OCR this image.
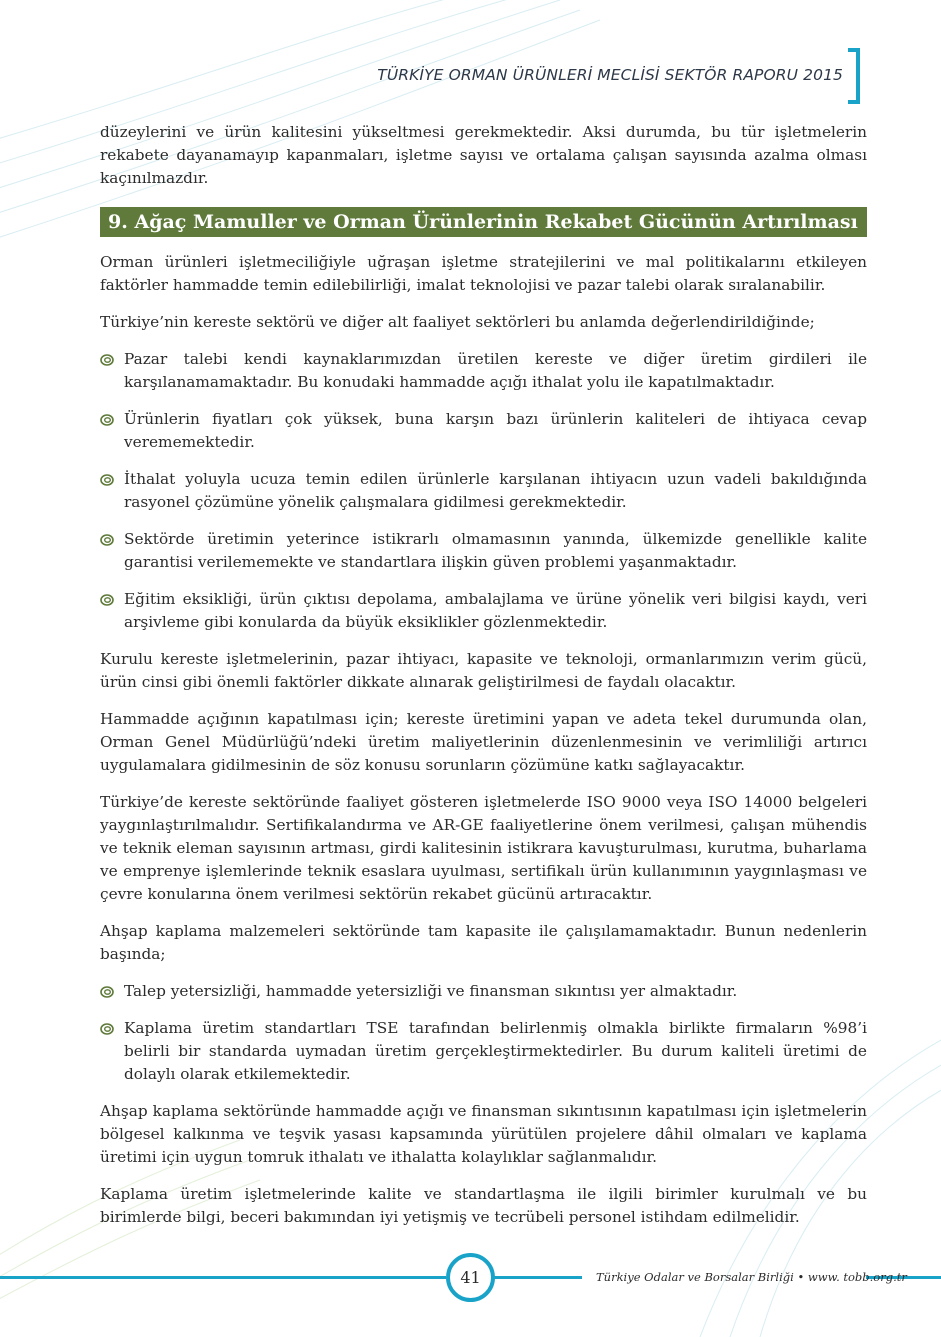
TÜRKİYE ORMAN ÜRÜNLERİ MECLİSİ SEKTÖR RAPORU 2015

düzeylerini ve ürün kalitesini yükseltmesi gerekmektedir. Aksi durumda, bu tür işletmelerin rekabete dayanamayıp kapanmaları, işletme sayısı ve ortalama çalışan sayısında azalma olması kaçınılmazdır.

9. Ağaç Mamuller ve Orman Ürünlerinin Rekabet Gücünün Artırılması

Orman ürünleri işletmeciliğiyle uğraşan işletme stratejilerini ve mal politikalarını etkileyen faktörler hammadde temin edilebilirliği, imalat teknolojisi ve pazar talebi olarak sıralanabilir.

Türkiye’nin kereste sektörü ve diğer alt faaliyet sektörleri bu anlamda değerlendirildiğinde;

Pazar talebi kendi kaynaklarımızdan üretilen kereste ve diğer üretim girdileri ile karşılanamamaktadır. Bu konudaki hammadde açığı ithalat yolu ile kapatılmaktadır.
Ürünlerin fiyatları çok yüksek, buna karşın bazı ürünlerin kaliteleri de ihtiyaca cevap verememektedir.
İthalat yoluyla ucuza temin edilen ürünlerle karşılanan ihtiyacın uzun vadeli bakıldığında rasyonel çözümüne yönelik çalışmalara gidilmesi gerekmektedir.
Sektörde üretimin yeterince istikrarlı olmamasının yanında, ülkemizde genellikle kalite garantisi verilememekte ve standartlara ilişkin güven problemi yaşanmaktadır.
Eğitim eksikliği, ürün çıktısı depolama, ambalajlama ve ürüne yönelik veri bilgisi kaydı, veri arşivleme gibi konularda da büyük eksiklikler gözlenmektedir.

Kurulu kereste işletmelerinin, pazar ihtiyacı, kapasite ve teknoloji, ormanlarımızın verim gücü, ürün cinsi gibi önemli faktörler dikkate alınarak geliştirilmesi de faydalı olacaktır.

Hammadde açığının kapatılması için; kereste üretimini yapan ve adeta tekel durumunda olan, Orman Genel Müdürlüğü’ndeki üretim maliyetlerinin düzenlenmesinin ve verimliliği artırıcı uygulamalara gidilmesinin de söz konusu sorunların çözümüne katkı sağlayacaktır.

Türkiye’de kereste sektöründe faaliyet gösteren işletmelerde ISO 9000 veya ISO 14000 belgeleri yaygınlaştırılmalıdır. Sertifikalandırma ve AR-GE faaliyetlerine önem verilmesi, çalışan mühendis ve teknik eleman sayısının artması, girdi kalitesinin istikrara kavuşturulması, kurutma, buharlama ve emprenye işlemlerinde teknik esaslara uyulması, sertifikalı ürün kullanımının yaygınlaşması ve çevre konularına önem verilmesi sektörün rekabet gücünü artıracaktır.

Ahşap kaplama malzemeleri sektöründe tam kapasite ile çalışılamamaktadır. Bunun nedenlerin başında;

Talep yetersizliği, hammadde yetersizliği ve finansman sıkıntısı yer almaktadır.
Kaplama üretim standartları TSE tarafından belirlenmiş olmakla birlikte firmaların %98’i belirli bir standarda uymadan üretim gerçekleştirmektedirler. Bu durum kaliteli üretimi de dolaylı olarak etkilemektedir.

Ahşap kaplama sektöründe hammadde açığı ve finansman sıkıntısının kapatılması için işletmelerin bölgesel kalkınma ve teşvik yasası kapsamında yürütülen projelere dâhil olmaları ve kaplama üretimi için uygun tomruk ithalatı ve ithalatta kolaylıklar sağlanmalıdır.

Kaplama üretim işletmelerinde kalite ve standartlaşma ile ilgili birimler kurulmalı ve bu birimlerde bilgi, beceri bakımından iyi yetişmiş ve tecrübeli personel istihdam edilmelidir.

41	Türkiye Odalar ve Borsalar Birliği • www. tobb.org.tr
